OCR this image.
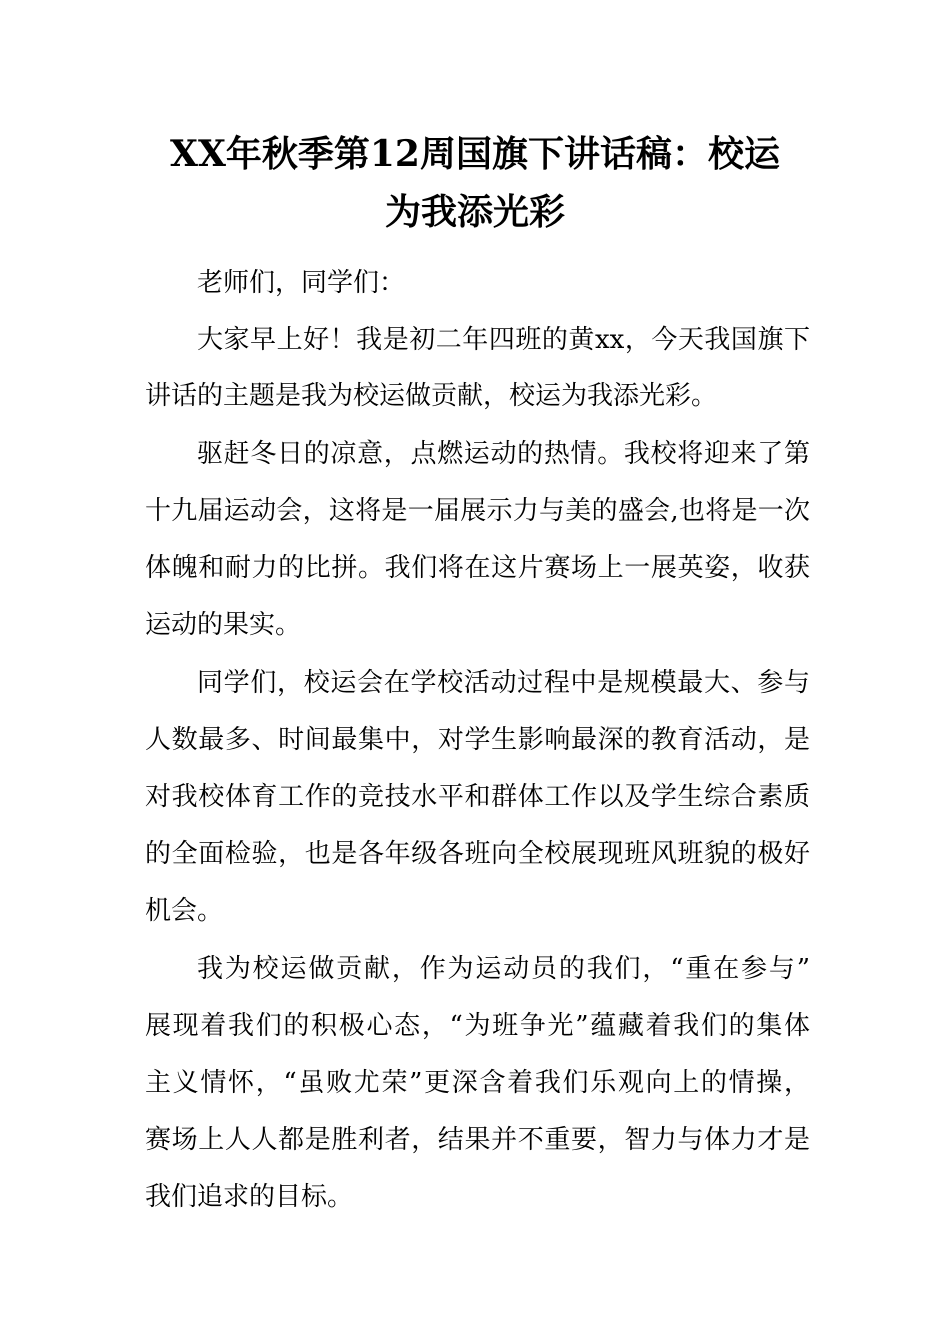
XX年秋季第12周国旗下讲话稿：校运
为我添光彩
老师们，同学们：
大家早上好！我是初二年四班的黄xx，今天我国旗下
讲话的主题是我为校运做贡献，校运为我添光彩。
驱赶冬日的凉意，点燃运动的热情。我校将迎来了第
十九届运动会，这将是一届展示力与美的盛会,也将是一次
体魄和耐力的比拼。我们将在这片赛场上一展英姿，收获
运动的果实。
同学们，校运会在学校活动过程中是规模最大、参与
人数最多、时间最集中，对学生影响最深的教育活动，是
对我校体育工作的竞技水平和群体工作以及学生综合素质
的全面检验，也是各年级各班向全校展现班风班貌的极好
机会。
我为校运做贡献，作为运动员的我们，“重在参与”
展现着我们的积极心态，“为班争光”蕴藏着我们的集体
主义情怀，“虽败尤荣”更深含着我们乐观向上的情操，
赛场上人人都是胜利者，结果并不重要，智力与体力才是
我们追求的目标。
